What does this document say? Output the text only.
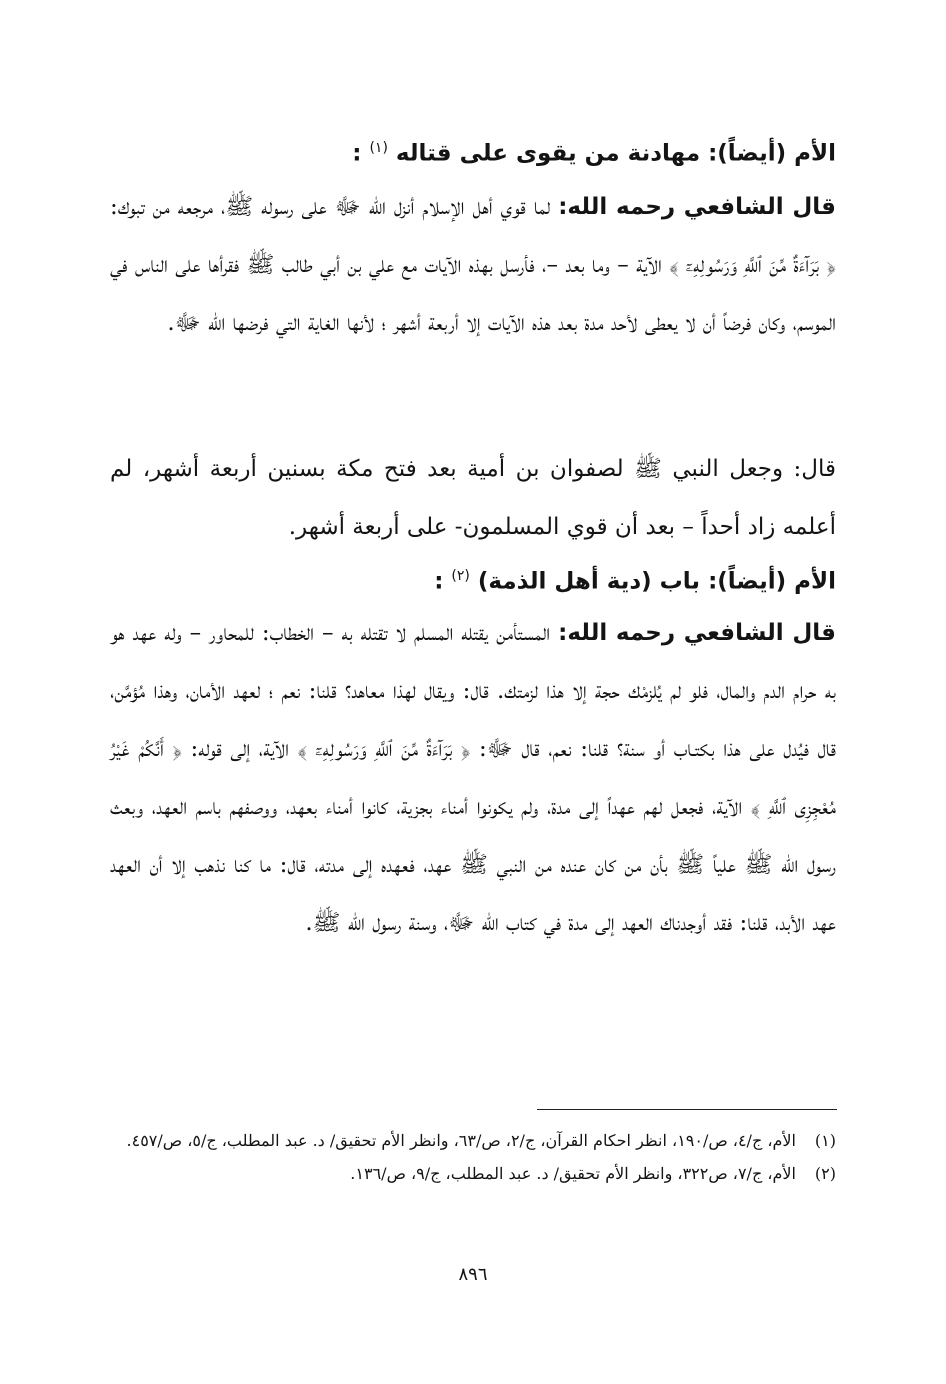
الأم (أيضاً): مهادنة من يقوى على قتاله $^{(١)}$ :
قال الشافعي رحمه الله: لما قوي أهل الإسلام أنزل الله ﷻ على رسوله ﷺ، مرجعه من تبوك: ﴿ بَرَآءَةٌ مِّنَ ٱللَّهِ وَرَسُولِهِۦٓ ﴾ الآية – وما بعد –، فأرسل بهذه الآيات مع علي بن أبي طالب ﷺ فقرأها على الناس في الموسم، وكان فرضاً أن لا يعطى لأحد مدة بعد هذه الآيات إلا أربعة أشهر ؛ لأنها الغاية التي فرضها الله ﷻ.
قال: وجعل النبي ﷺ لصفوان بن أمية بعد فتح مكة بسنين أربعة أشهر، لم أعلمه زاد أحداً – بعد أن قوي المسلمون- على أربعة أشهر.
الأم (أيضاً): باب (دية أهل الذمة) $^{(٢)}$ :
قال الشافعي رحمه الله: المستأمن يقتله المسلم لا تقتله به – الخطاب: للمحاور – وله عهد هو به حرام الدم والمال، فلو لم يُلزمْك حجة إلا هذا لزمتك. قال: ويقال لهذا معاهد؟ قلنا: نعم ؛ لعهد الأمان، وهذا مُؤمَّن، قال فيُدل على هذا بكتـاب أو سنة؟ قلنا: نعم، قال ﷻ: ﴿ بَرَآءَةٌ مِّنَ ٱللَّهِ وَرَسُولِهِۦٓ ﴾ الآية، إلى قوله: ﴿ أَنَّكُمْ غَيْرُ مُعْجِزِى ٱللَّهِ ﴾ الآية، فجعل لهم عهداً إلى مدة، ولم يكونوا أمناء بجزية، كانوا أمناء بعهد، ووصفهم باسم العهد، وبعث رسول الله ﷺ علياً ﷺ بأن من كان عنده من النبي ﷺ عهد، فعهده إلى مدته، قال: ما كنا نذهب إلا أن العهد عهد الأبد، قلنا: فقد أوجدناك العهد إلى مدة في كتاب الله ﷻ، وسنة رسول الله ﷺ.
(١)
الأم، ج/٤، ص/١٩٠، انظر احكام القرآن، ج/٢، ص/٦٣، وانظر الأم تحقيق/ د. عبد المطلب، ج/٥، ص/٤٥٧.
(٢)
الأم، ج/٧، ص٣٢٢، وانظر الأم تحقيق/ د. عبد المطلب، ج/٩، ص/١٣٦.
٨٩٦
